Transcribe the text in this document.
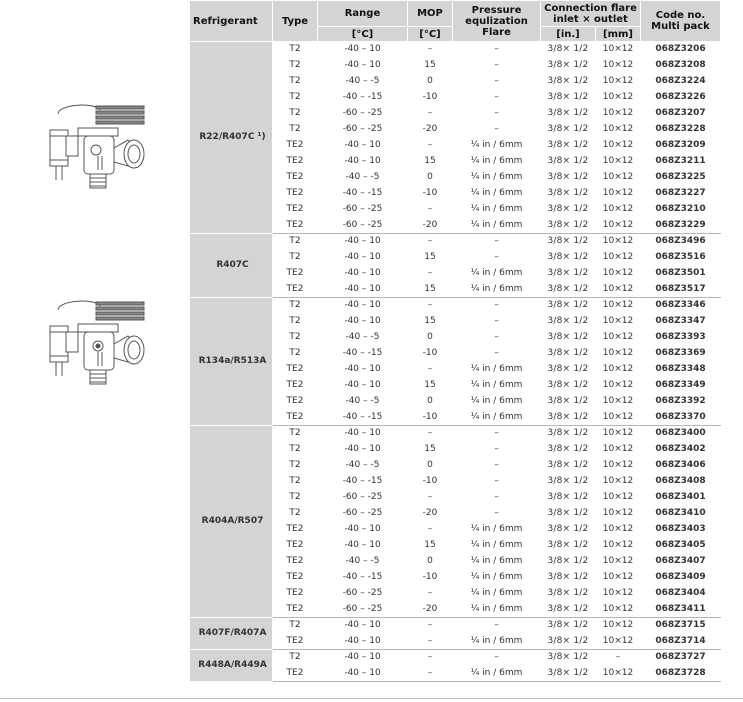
Refrigerant	Type	Range	MOP	Pressure equlization Flare	Connection flare inlet × outlet		Code no. Multi pack
		[°C]	[°C]		[in.]	[mm]	
R22/R407C ¹)	T2	-40 – 10	–	–	3/8× 1/2	10×12	068Z3206
	T2	-40 – 10	15	–	3/8× 1/2	10×12	068Z3208
	T2	-40 – -5	0	–	3/8× 1/2	10×12	068Z3224
	T2	-40 – -15	-10	–	3/8× 1/2	10×12	068Z3226
	T2	-60 – -25	–	–	3/8× 1/2	10×12	068Z3207
	T2	-60 – -25	-20	–	3/8× 1/2	10×12	068Z3228
	TE2	-40 – 10	–	¼ in / 6mm	3/8× 1/2	10×12	068Z3209
	TE2	-40 – 10	15	¼ in / 6mm	3/8× 1/2	10×12	068Z3211
	TE2	-40 – -5	0	¼ in / 6mm	3/8× 1/2	10×12	068Z3225
	TE2	-40 – -15	-10	¼ in / 6mm	3/8× 1/2	10×12	068Z3227
	TE2	-60 – -25	–	¼ in / 6mm	3/8× 1/2	10×12	068Z3210
	TE2	-60 – -25	-20	¼ in / 6mm	3/8× 1/2	10×12	068Z3229
R407C	T2	-40 – 10	–	–	3/8× 1/2	10×12	068Z3496
	T2	-40 – 10	15	–	3/8× 1/2	10×12	068Z3516
	TE2	-40 – 10	–	¼ in / 6mm	3/8× 1/2	10×12	068Z3501
	TE2	-40 – 10	15	¼ in / 6mm	3/8× 1/2	10×12	068Z3517
R134a/R513A	T2	-40 – 10	–	–	3/8× 1/2	10×12	068Z3346
	T2	-40 – 10	15	–	3/8× 1/2	10×12	068Z3347
	T2	-40 – -5	0	–	3/8× 1/2	10×12	068Z3393
	T2	-40 – -15	-10	–	3/8× 1/2	10×12	068Z3369
	TE2	-40 – 10	–	¼ in / 6mm	3/8× 1/2	10×12	068Z3348
	TE2	-40 – 10	15	¼ in / 6mm	3/8× 1/2	10×12	068Z3349
	TE2	-40 – -5	0	¼ in / 6mm	3/8× 1/2	10×12	068Z3392
	TE2	-40 – -15	-10	¼ in / 6mm	3/8× 1/2	10×12	068Z3370
R404A/R507	T2	-40 – 10	–	–	3/8× 1/2	10×12	068Z3400
	T2	-40 – 10	15	–	3/8× 1/2	10×12	068Z3402
	T2	-40 – -5	0	–	3/8× 1/2	10×12	068Z3406
	T2	-40 – -15	-10	–	3/8× 1/2	10×12	068Z3408
	T2	-60 – -25	–	–	3/8× 1/2	10×12	068Z3401
	T2	-60 – -25	-20	–	3/8× 1/2	10×12	068Z3410
	TE2	-40 – 10	–	¼ in / 6mm	3/8× 1/2	10×12	068Z3403
	TE2	-40 – 10	15	¼ in / 6mm	3/8× 1/2	10×12	068Z3405
	TE2	-40 – -5	0	¼ in / 6mm	3/8× 1/2	10×12	068Z3407
	TE2	-40 – -15	-10	¼ in / 6mm	3/8× 1/2	10×12	068Z3409
	TE2	-60 – -25	–	¼ in / 6mm	3/8× 1/2	10×12	068Z3404
	TE2	-60 – -25	-20	¼ in / 6mm	3/8× 1/2	10×12	068Z3411
R407F/R407A	T2	-40 – 10	–	–	3/8× 1/2	10×12	068Z3715
	TE2	-40 – 10	–	¼ in / 6mm	3/8× 1/2	10×12	068Z3714
R448A/R449A	T2	-40 – 10	–	–	3/8× 1/2	–	068Z3727
	TE2	-40 – 10	–	¼ in / 6mm	3/8× 1/2	10×12	068Z3728
